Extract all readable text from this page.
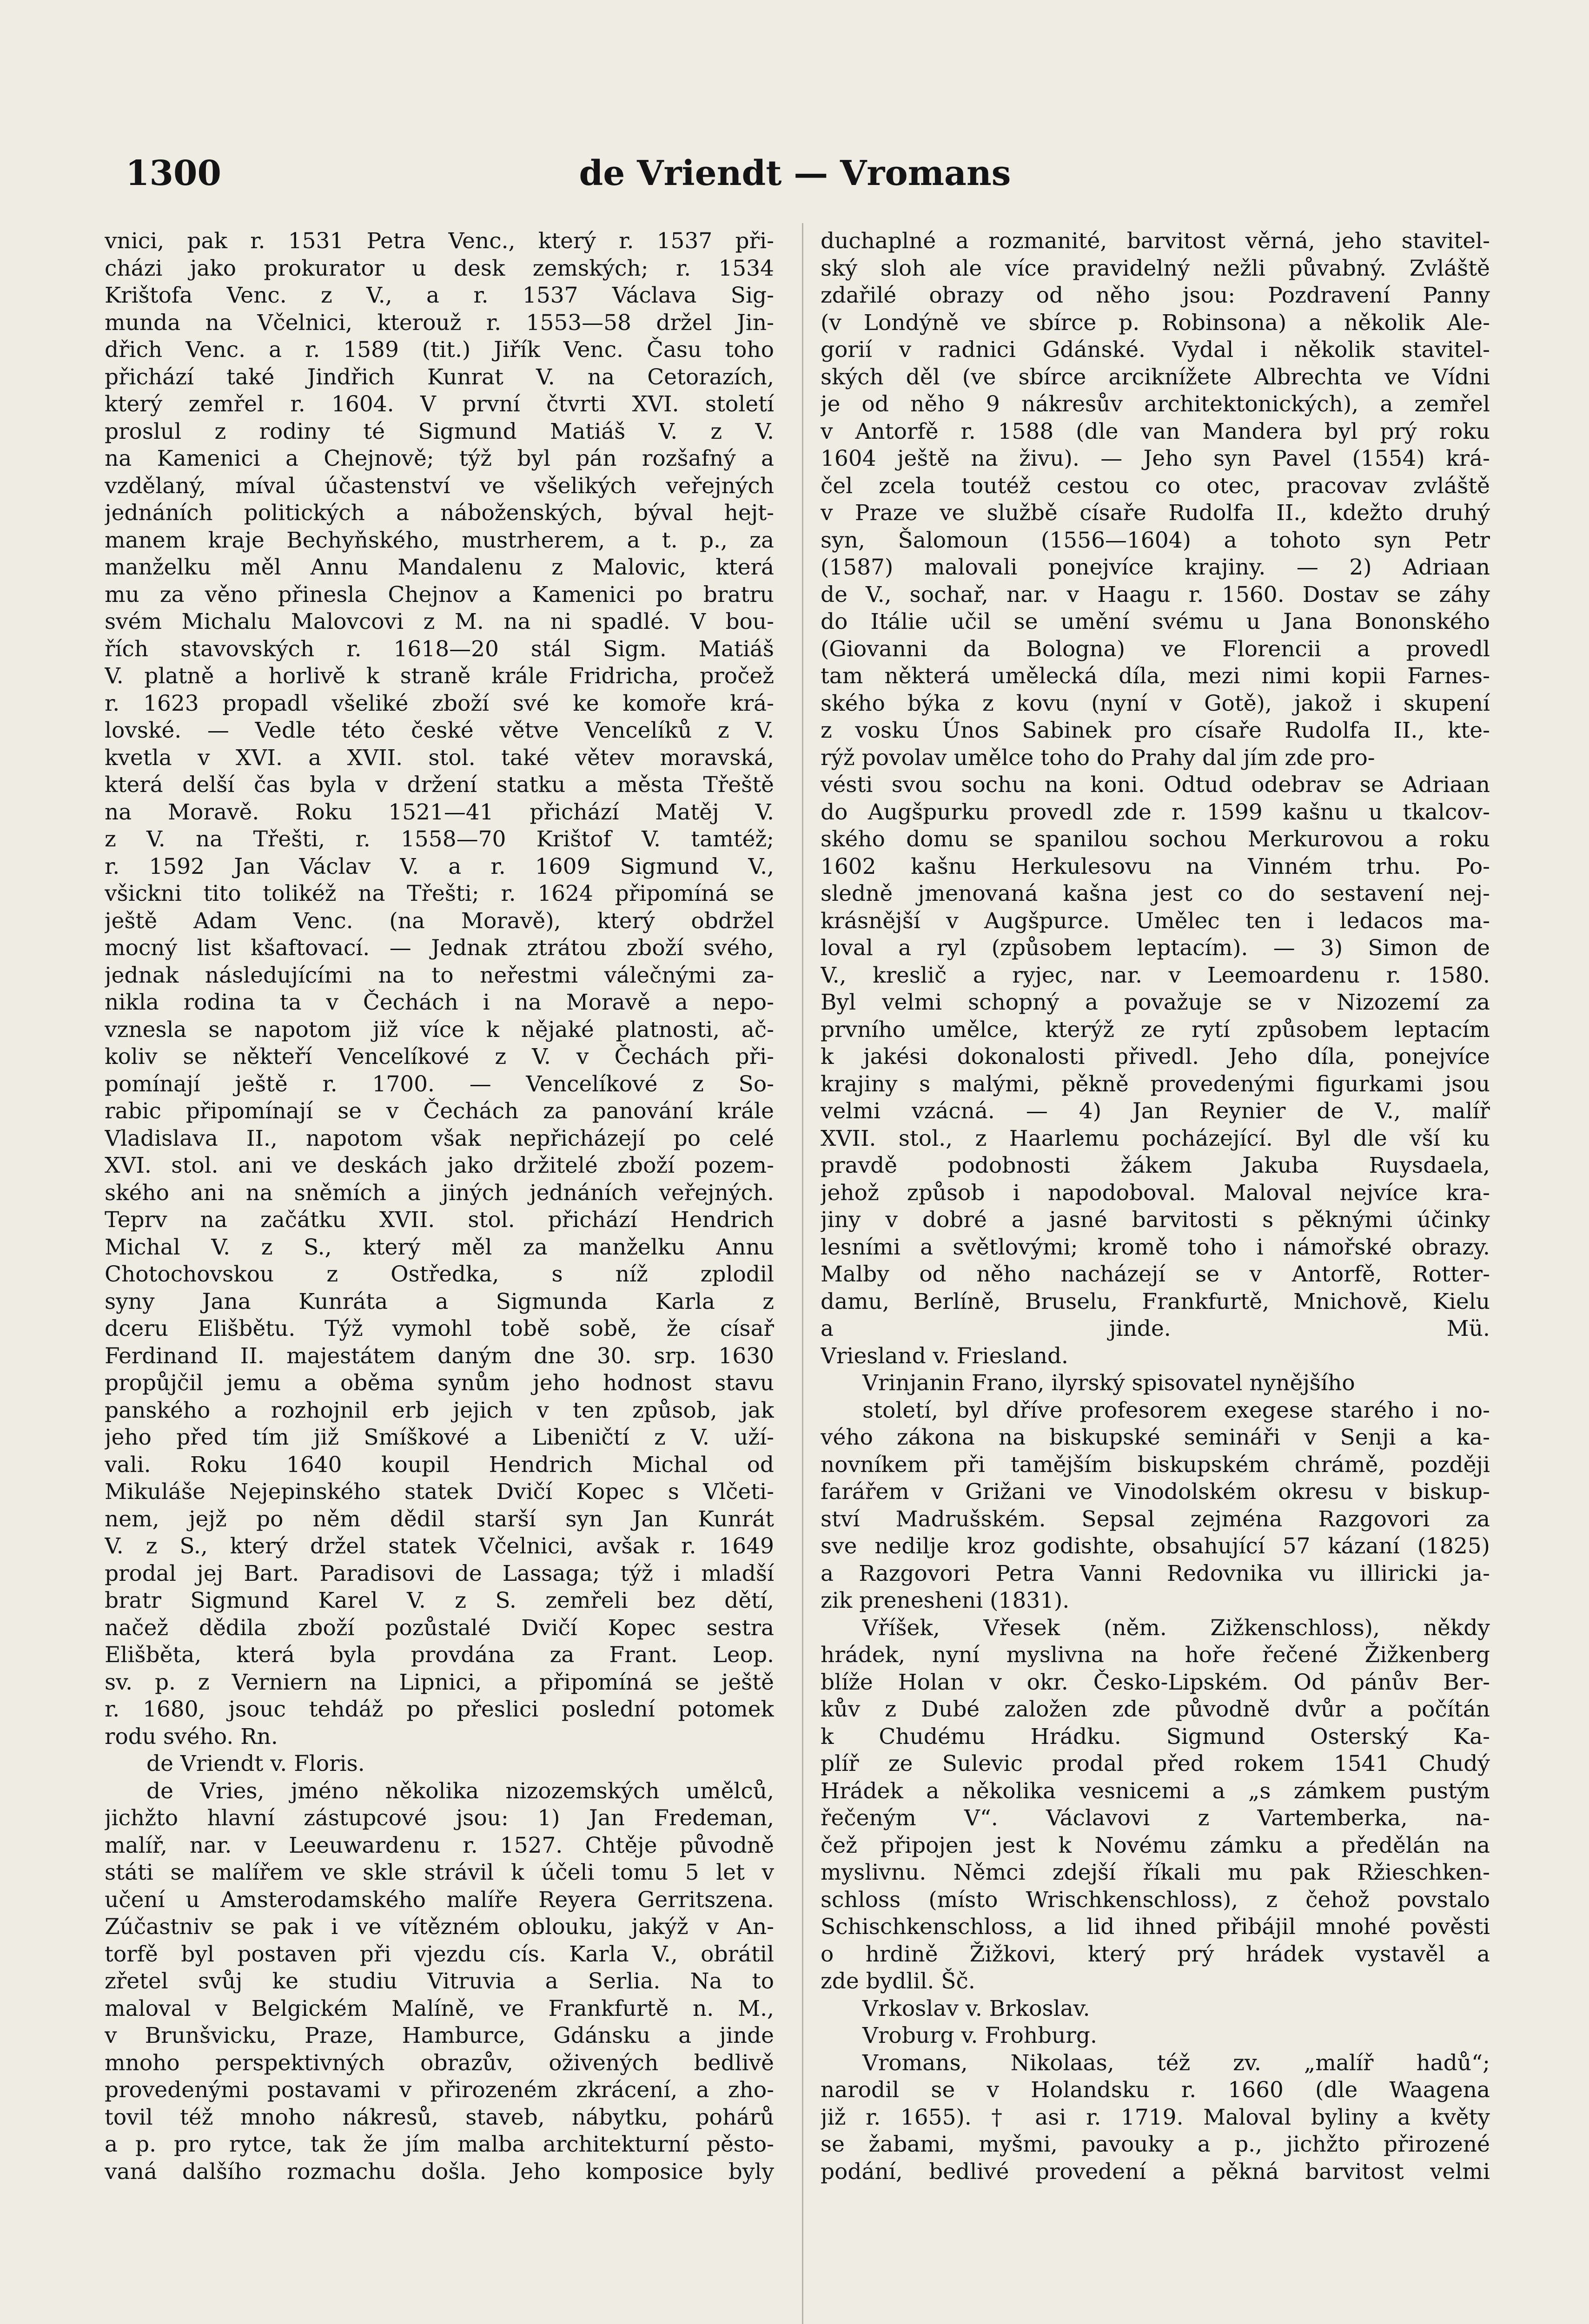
1300	de Vriendt — Vromans
vnici, pak r. 1531 Petra Venc., který r. 1537 při-
cházi jako prokurator u desk zemských; r. 1534
Krištofa Venc. z V., a r. 1537 Václava Sig-
munda na Včelnici, kterouž r. 1553—58 držel Jin-
dřich Venc. a r. 1589 (tit.) Jiřík Venc. Času toho
přichází také Jindřich Kunrat V. na Cetorazích,
který zemřel r. 1604. V první čtvrti XVI. století
proslul z rodiny té Sigmund Matiáš V. z V.
na Kamenici a Chejnově; týž byl pán rozšafný a
vzdělaný, míval účastenství ve všelikých veřejných
jednáních politických a náboženských, býval hejt-
manem kraje Bechyňského, mustrherem, a t. p., za
manželku měl Annu Mandalenu z Malovic, která
mu za věno přinesla Chejnov a Kamenici po bratru
svém Michalu Malovcovi z M. na ni spadlé. V bou-
řích stavovských r. 1618—20 stál Sigm. Matiáš
V. platně a horlivě k straně krále Fridricha, pročež
r. 1623 propadl všeliké zboží své ke komoře krá-
lovské. — Vedle této české větve Vencelíků z V.
kvetla v XVI. a XVII. stol. také větev moravská,
která delší čas byla v držení statku a města Třeště
na Moravě. Roku 1521—41 přichází Matěj V.
z V. na Třešti, r. 1558—70 Krištof V. tamtéž;
r. 1592 Jan Václav V. a r. 1609 Sigmund V.,
všickni tito tolikéž na Třešti; r. 1624 připomíná se
ještě Adam Venc. (na Moravě), který obdržel
mocný list kšaftovací. — Jednak ztrátou zboží svého,
jednak následujícími na to neřestmi válečnými za-
nikla rodina ta v Čechách i na Moravě a nepo-
vznesla se napotom již více k nějaké platnosti, ač-
koliv se někteří Vencelíkové z V. v Čechách při-
pomínají ještě r. 1700. — Vencelíkové z So-
rabic připomínají se v Čechách za panování krále
Vladislava II., napotom však nepřicházejí po celé
XVI. stol. ani ve deskách jako držitelé zboží pozem-
ského ani na sněmích a jiných jednáních veřejných.
Teprv na začátku XVII. stol. přichází Hendrich
Michal V. z S., který měl za manželku Annu
Chotochovskou z Ostředka, s níž zplodil
syny Jana Kunráta a Sigmunda Karla z
dceru Elišbětu. Týž vymohl tobě sobě, že císař
Ferdinand II. majestátem daným dne 30. srp. 1630
propůjčil jemu a oběma synům jeho hodnost stavu
panského a rozhojnil erb jejich v ten způsob, jak
jeho před tím již Smíškové a Libeničtí z V. uží-
vali. Roku 1640 koupil Hendrich Michal od
Mikuláše Nejepinského statek Dvičí Kopec s Vlčeti-
nem, jejž po něm dědil starší syn Jan Kunrát
V. z S., který držel statek Včelnici, avšak r. 1649
prodal jej Bart. Paradisovi de Lassaga; týž i mladší
bratr Sigmund Karel V. z S. zemřeli bez dětí,
načež dědila zboží pozůstalé Dvičí Kopec sestra
Elišběta, která byla provdána za Frant. Leop.
sv. p. z Verniern na Lipnici, a připomíná se ještě
r. 1680, jsouc tehdáž po přeslici poslední potomek
rodu svého. Rn.
de Vriendt v. Floris.
de Vries, jméno několika nizozemských umělců,
jichžto hlavní zástupcové jsou: 1) Jan Fredeman,
malíř, nar. v Leeuwardenu r. 1527. Chtěje původně
státi se malířem ve skle strávil k účeli tomu 5 let v
učení u Amsterodamského malíře Reyera Gerritszena.
Zúčastniv se pak i ve vítězném oblouku, jakýž v An-
torfě byl postaven při vjezdu cís. Karla V., obrátil
zřetel svůj ke studiu Vitruvia a Serlia. Na to
maloval v Belgickém Malíně, ve Frankfurtě n. M.,
v Brunšvicku, Praze, Hamburce, Gdánsku a jinde
mnoho perspektivných obrazův, oživených bedlivě
provedenými postavami v přirozeném zkrácení, a zho-
tovil též mnoho nákresů, staveb, nábytku, pohárů
a p. pro rytce, tak že jím malba architekturní pěsto-
vaná dalšího rozmachu došla. Jeho komposice byly
duchaplné a rozmanité, barvitost věrná, jeho stavitel-
ský sloh ale více pravidelný nežli půvabný. Zvláště
zdařilé obrazy od něho jsou: Pozdravení Panny
(v Londýně ve sbírce p. Robinsona) a několik Ale-
gorií v radnici Gdánské. Vydal i několik stavitel-
ských děl (ve sbírce arciknížete Albrechta ve Vídni
je od něho 9 nákresův architektonických), a zemřel
v Antorfě r. 1588 (dle van Mandera byl prý roku
1604 ještě na živu). — Jeho syn Pavel (1554) krá-
čel zcela toutéž cestou co otec, pracovav zvláště
v Praze ve službě císaře Rudolfa II., kdežto druhý
syn, Šalomoun (1556—1604) a tohoto syn Petr
(1587) malovali ponejvíce krajiny. — 2) Adriaan
de V., sochař, nar. v Haagu r. 1560. Dostav se záhy
do Itálie učil se umění svému u Jana Bononského
(Giovanni da Bologna) ve Florencii a provedl
tam některá umělecká díla, mezi nimi kopii Farnes-
ského býka z kovu (nyní v Gotě), jakož i skupení
z vosku Únos Sabinek pro císaře Rudolfa II., kte-
rýž povolav umělce toho do Prahy dal jím zde pro-
vésti svou sochu na koni. Odtud odebrav se Adriaan
do Augšpurku provedl zde r. 1599 kašnu u tkalcov-
ského domu se spanilou sochou Merkurovou a roku
1602 kašnu Herkulesovu na Vinném trhu. Po-
sledně jmenovaná kašna jest co do sestavení nej-
krásnější v Augšpurce. Umělec ten i ledacos ma-
loval a ryl (způsobem leptacím). — 3) Simon de
V., kreslič a ryjec, nar. v Leemoardenu r. 1580.
Byl velmi schopný a považuje se v Nizozemí za
prvního umělce, kterýž ze rytí způsobem leptacím
k jakési dokonalosti přivedl. Jeho díla, ponejvíce
krajiny s malými, pěkně provedenými figurkami jsou
velmi vzácná. — 4) Jan Reynier de V., malíř
XVII. stol., z Haarlemu pocházející. Byl dle vší ku
pravdě podobnosti žákem Jakuba Ruysdaela,
jehož způsob i napodoboval. Maloval nejvíce kra-
jiny v dobré a jasné barvitosti s pěknými účinky
lesními a světlovými; kromě toho i námořské obrazy.
Malby od něho nacházejí se v Antorfě, Rotter-
damu, Berlíně, Bruselu, Frankfurtě, Mnichově, Kielu
a jinde. Mü.
Vriesland v. Friesland.
Vrinjanin Frano, ilyrský spisovatel nynějšího
století, byl dříve profesorem exegese starého i no-
vého zákona na biskupské semináři v Senji a ka-
novníkem při tamějším biskupském chrámě, později
farářem v Grižani ve Vinodolském okresu v biskup-
ství Madrušském. Sepsal zejména Razgovori za
sve nedilje kroz godishte, obsahující 57 kázaní (1825)
a Razgovori Petra Vanni Redovnika vu illiricki ja-
zik prenesheni (1831).
Vříšek, Vřesek (něm. Zižkenschloss), někdy
hrádek, nyní myslivna na hoře řečené Žižkenberg
blíže Holan v okr. Česko-Lipském. Od pánův Ber-
kův z Dubé založen zde původně dvůr a počítán
k Chudému Hrádku. Sigmund Osterský Ka-
plíř ze Sulevic prodal před rokem 1541 Chudý
Hrádek a několika vesnicemi a „s zámkem pustým
řečeným V“. Václavovi z Vartemberka, na-
čež připojen jest k Novému zámku a předělán na
myslivnu. Němci zdejší říkali mu pak Ržieschken-
schloss (místo Wrischkenschloss), z čehož povstalo
Schischkenschloss, a lid ihned přibájil mnohé pověsti
o hrdině Žižkovi, který prý hrádek vystavěl a
zde bydlil. Šč.
Vrkoslav v. Brkoslav.
Vroburg v. Frohburg.
Vromans, Nikolaas, též zv. „malíř hadů“;
narodil se v Holandsku r. 1660 (dle Waagena
již r. 1655). † asi r. 1719. Maloval byliny a květy
se žabami, myšmi, pavouky a p., jichžto přirozené
podání, bedlivé provedení a pěkná barvitost velmi
